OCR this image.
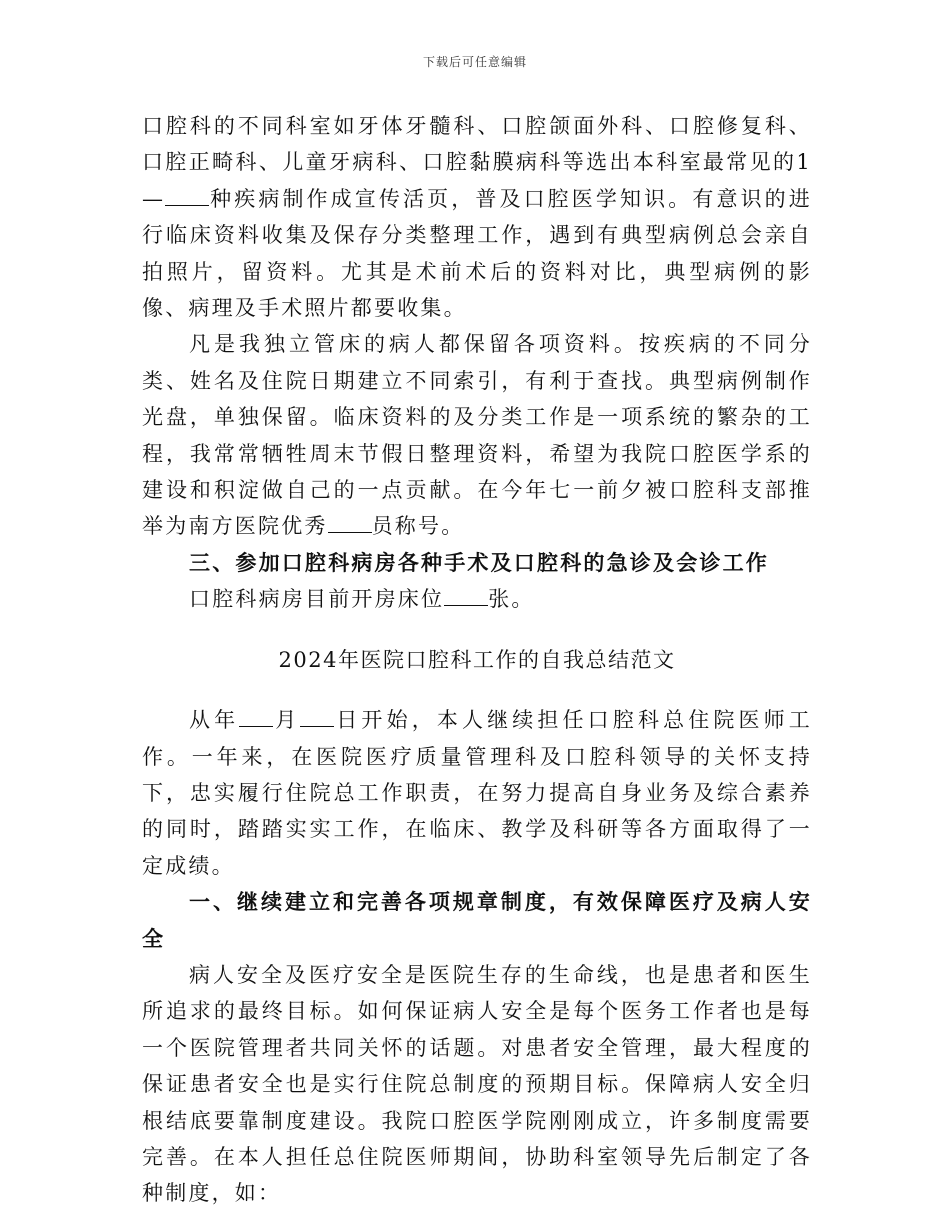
下载后可任意编辑

口腔科的不同科室如牙体牙髓科、口腔颌面外科、口腔修复科、口腔正畸科、儿童牙病科、口腔黏膜病科等选出本科室最常见的1— 种疾病制作成宣传活页，普及口腔医学知识。有意识的进行临床资料收集及保存分类整理工作，遇到有典型病例总会亲自拍照片，留资料。尤其是术前术后的资料对比，典型病例的影像、病理及手术照片都要收集。

凡是我独立管床的病人都保留各项资料。按疾病的不同分类、姓名及住院日期建立不同索引，有利于查找。典型病例制作光盘，单独保留。临床资料的及分类工作是一项系统的繁杂的工程，我常常牺牲周末节假日整理资料，希望为我院口腔医学系的建设和积淀做自己的一点贡献。在今年七一前夕被口腔科支部推举为南方医院优秀 员称号。

三、参加口腔科病房各种手术及口腔科的急诊及会诊工作

口腔科病房目前开房床位 张。

2024年医院口腔科工作的自我总结范文

从年 月 日开始，本人继续担任口腔科总住院医师工作。一年来，在医院医疗质量管理科及口腔科领导的关怀支持下，忠实履行住院总工作职责，在努力提高自身业务及综合素养的同时，踏踏实实工作，在临床、教学及科研等各方面取得了一定成绩。

一、继续建立和完善各项规章制度，有效保障医疗及病人安全

病人安全及医疗安全是医院生存的生命线，也是患者和医生所追求的最终目标。如何保证病人安全是每个医务工作者也是每一个医院管理者共同关怀的话题。对患者安全管理，最大程度的保证患者安全也是实行住院总制度的预期目标。保障病人安全归根结底要靠制度建设。我院口腔医学院刚刚成立，许多制度需要完善。在本人担任总住院医师期间，协助科室领导先后制定了各种制度，如：
